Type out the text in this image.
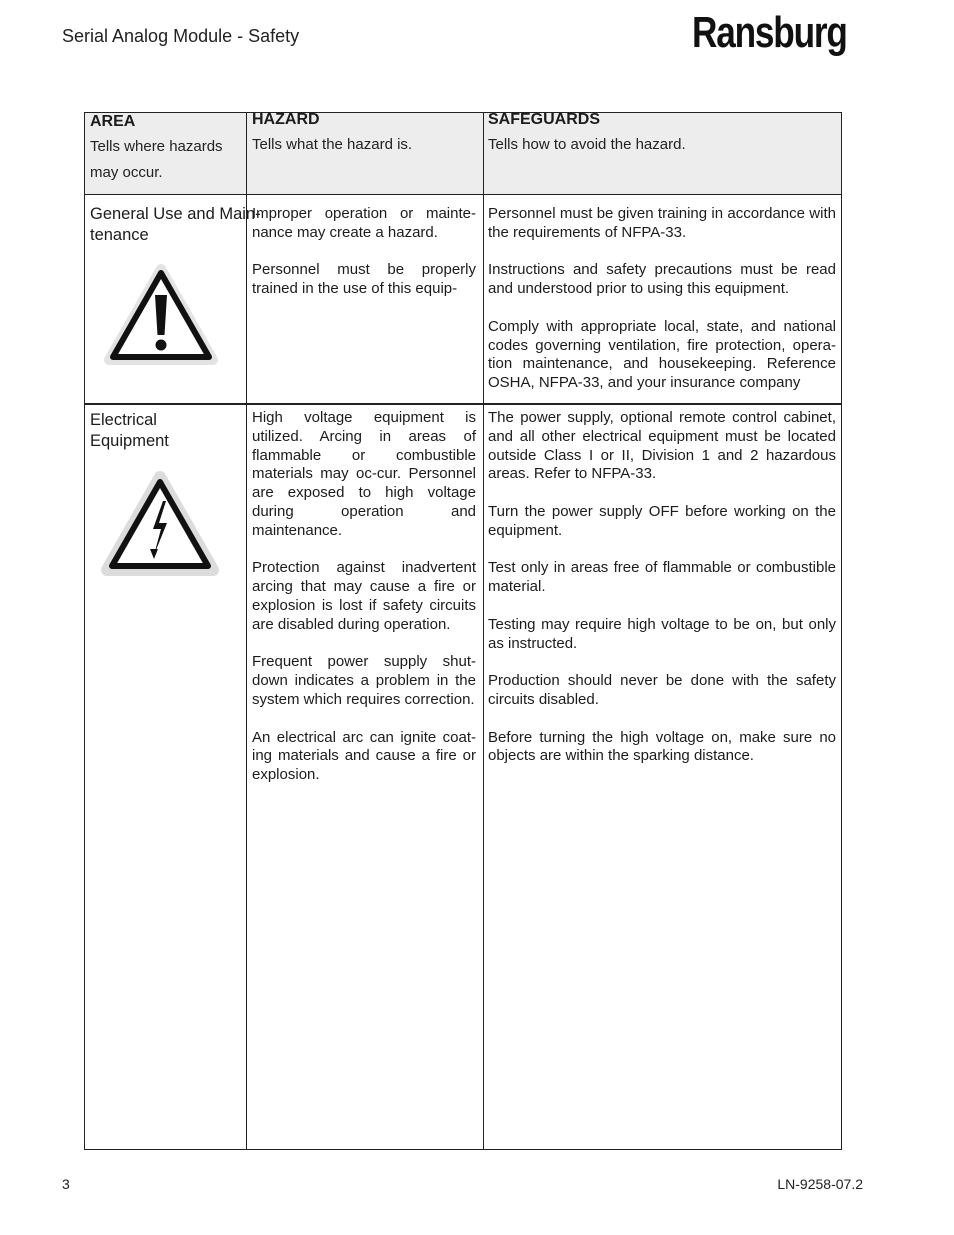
Serial Analog Module - Safety	Ransburg
AREA
Tells where hazards may occur.
HAZARD
Tells what the hazard is.
SAFEGUARDS
Tells how to avoid the hazard.
General Use and Main-tenance

Improper operation or mainte-nance may create a hazard.

Personnel must be properly trained in the use of this equip-

Personnel must be given training in accordance with the requirements of NFPA-33.

Instructions and safety precautions must be read and understood prior to using this equipment.

Comply with appropriate local, state, and national codes governing ventilation, fire protection, opera-tion maintenance, and housekeeping. Reference OSHA, NFPA-33, and your insurance company

Electrical Equipment

High voltage equipment is utilized. Arcing in areas of flammable or combustible materials may oc-cur. Personnel are exposed to high voltage during operation and maintenance.

Protection against inadvertent arcing that may cause a fire or explosion is lost if safety circuits are disabled during operation.

Frequent power supply shut-down indicates a problem in the system which requires correction.

An electrical arc can ignite coat-ing materials and cause a fire or explosion.

The power supply, optional remote control cabinet, and all other electrical equipment must be located outside Class I or II, Division 1 and 2 hazardous areas. Refer to NFPA-33.

Turn the power supply OFF before working on the equipment.

Test only in areas free of flammable or combustible material.

Testing may require high voltage to be on, but only as instructed.

Production should never be done with the safety circuits disabled.

Before turning the high voltage on, make sure no objects are within the sparking distance.

3	LN-9258-07.2
